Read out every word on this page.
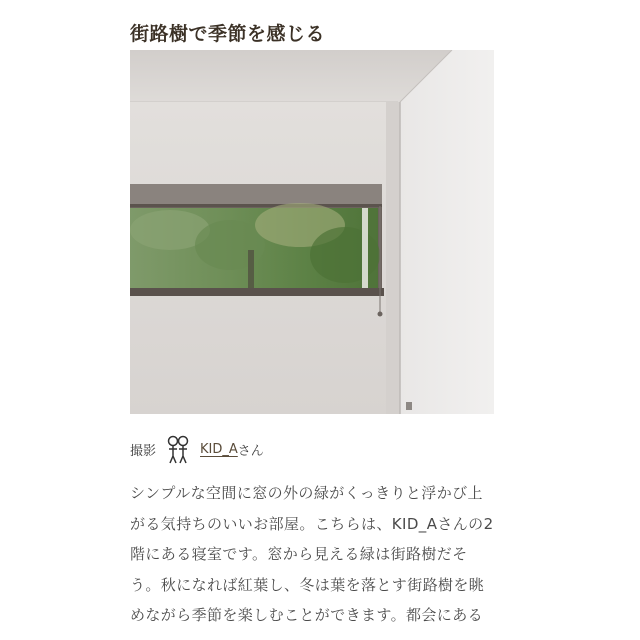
街路樹で季節を感じる
撮影	KID_A さん

シンプルな空間に窓の外の緑がくっきりと浮かび上
がる気持ちのいいお部屋。こちらは、KID_Aさんの2
階にある寝室です。窓から見える緑は街路樹だそ
う。秋になれば紅葉し、冬は葉を落とす街路樹を眺
めながら季節を楽しむことができます。都会にある
